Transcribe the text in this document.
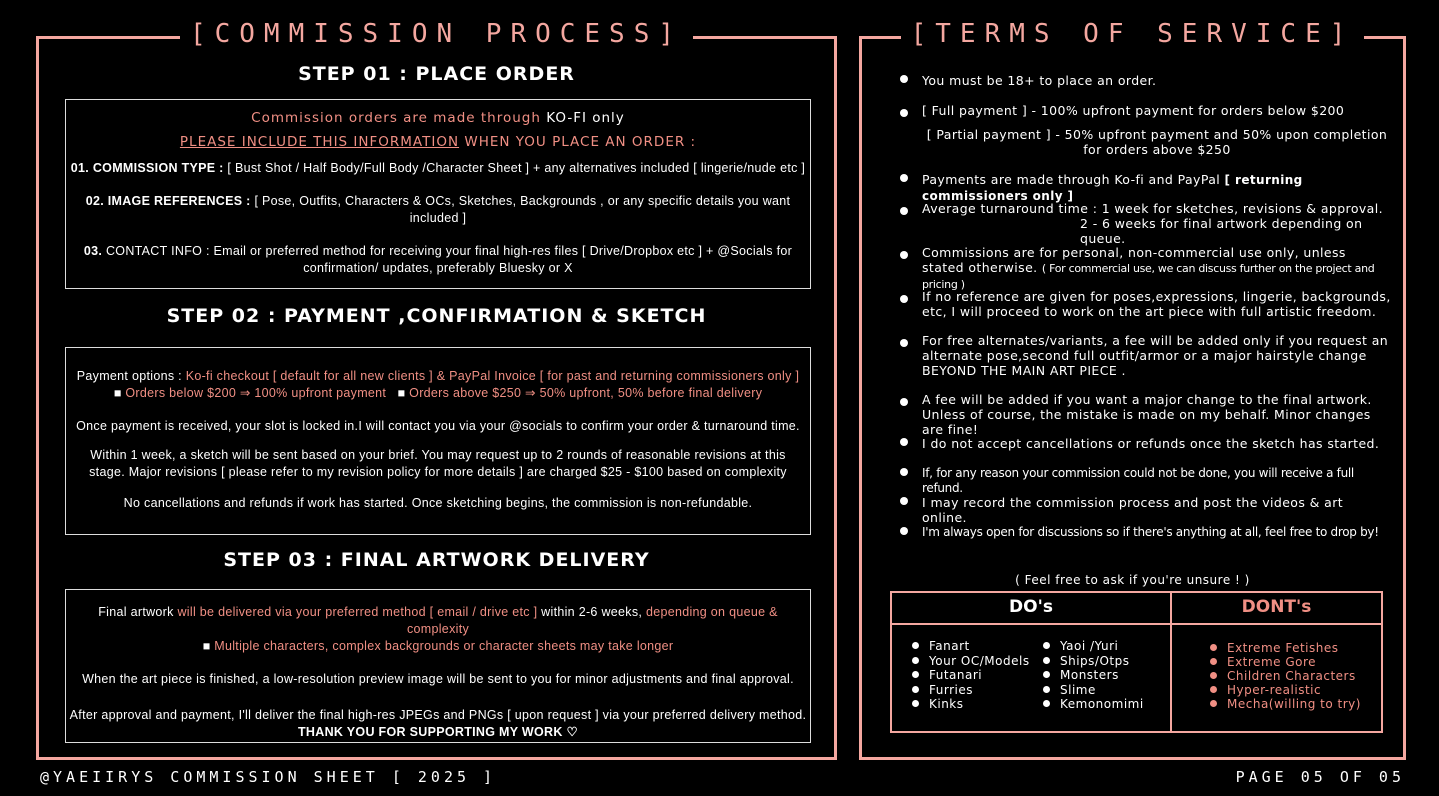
[COMMISSION PROCESS]
STEP 01 : PLACE ORDER

Commission orders are made through KO-FI only

PLEASE INCLUDE THIS INFORMATION WHEN YOU PLACE AN ORDER :

01. COMMISSION TYPE : [ Bust Shot / Half Body/Full Body /Character Sheet ] + any alternatives included [ lingerie/nude etc ]

02. IMAGE REFERENCES : [ Pose, Outfits, Characters & OCs, Sketches, Backgrounds , or any specific details you want included ]

03. CONTACT INFO : Email or preferred method for receiving your final high-res files [ Drive/Dropbox etc ] + @Socials for confirmation/ updates, preferably Bluesky or X

STEP 02 : PAYMENT ,CONFIRMATION & SKETCH

Payment options : Ko-fi checkout [ default for all new clients ] & PayPal Invoice [ for past and returning commissioners only ]

■ Orders below $200 ⇒ 100% upfront payment ■ Orders above $250 ⇒ 50% upfront, 50% before final delivery

Once payment is received, your slot is locked in.I will contact you via your @socials to confirm your order & turnaround time.

Within 1 week, a sketch will be sent based on your brief. You may request up to 2 rounds of reasonable revisions at this stage. Major revisions [ please refer to my revision policy for more details ] are charged $25 - $100 based on complexity

No cancellations and refunds if work has started. Once sketching begins, the commission is non-refundable.

STEP 03 : FINAL ARTWORK DELIVERY

Final artwork will be delivered via your preferred method [ email / drive etc ] within 2-6 weeks, depending on queue & complexity

■ Multiple characters, complex backgrounds or character sheets may take longer

When the art piece is finished, a low-resolution preview image will be sent to you for minor adjustments and final approval.

After approval and payment, I'll deliver the final high-res JPEGs and PNGs [ upon request ] via your preferred delivery method.

THANK YOU FOR SUPPORTING MY WORK ♡

[TERMS OF SERVICE]
You must be 18+ to place an order.
[ Full payment ] - 100% upfront payment for orders below $200
[ Partial payment ] - 50% upfront payment and 50% upon completion for orders above $250
Payments are made through Ko-fi and PayPal [ returning commissioners only ]
Average turnaround time : 1 week for sketches, revisions & approval.
2 - 6 weeks for final artwork depending on queue.
Commissions are for personal, non-commercial use only, unless stated otherwise. ( For commercial use, we can discuss further on the project and pricing )
If no reference are given for poses,expressions, lingerie, backgrounds, etc, I will proceed to work on the art piece with full artistic freedom.
For free alternates/variants, a fee will be added only if you request an alternate pose,second full outfit/armor or a major hairstyle change BEYOND THE MAIN ART PIECE .
A fee will be added if you want a major change to the final artwork. Unless of course, the mistake is made on my behalf. Minor changes are fine!
I do not accept cancellations or refunds once the sketch has started.
If, for any reason your commission could not be done, you will receive a full refund.
I may record the commission process and post the videos & art online.
I'm always open for discussions so if there's anything at all, feel free to drop by!
( Feel free to ask if you're unsure ! )
DO's	DONT's
Fanart
Your OC/Models
Futanari
Furries
Kinks
Yaoi /Yuri
Ships/Otps
Monsters
Slime
Kemonomimi
Extreme Fetishes
Extreme Gore
Children Characters
Hyper-realistic
Mecha(willing to try)
@YAEIIRYS COMMISSION SHEET [ 2025 ]	PAGE 05 OF 05
